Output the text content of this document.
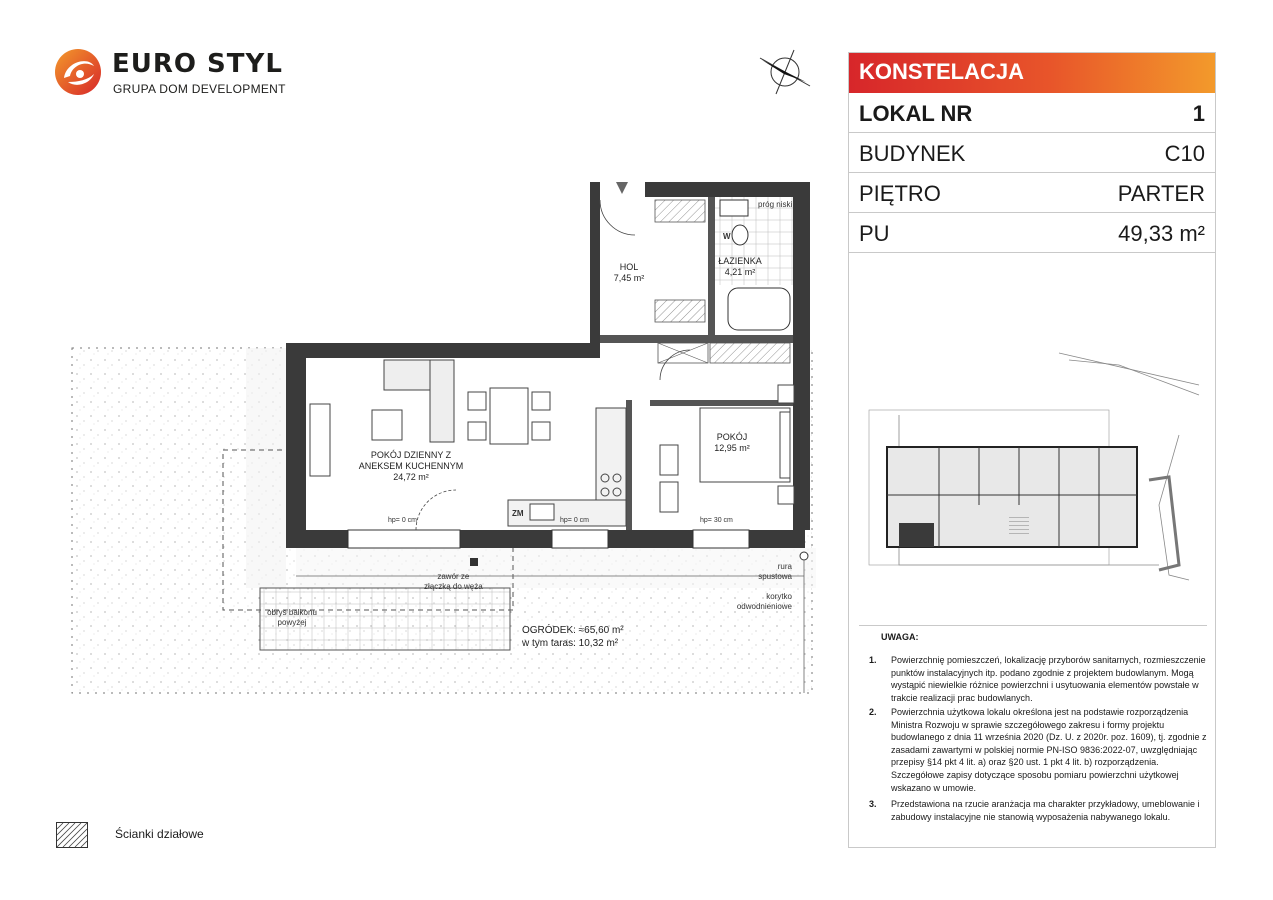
EURO STYL
GRUPA DOM DEVELOPMENT
HOL
7,45 m²
ŁAZIENKA
4,21 m²
POKÓJ
12,95 m²
POKÓJ DZIENNY Z
ANEKSEM KUCHENNYM
24,72 m²
OGRÓDEK: ≈65,60 m²
w tym taras: 10,32 m²
próg niski
W
ZM
hp= 0 cm	hp= 0 cm	hp= 30 cm
zawór ze
złączką do węża
obrys balkonu
powyżej
rura
spustowa
korytko
odwodnieniowe
KONSTELACJA
LOKAL NR	1
BUDYNEK	C10
PIĘTRO	PARTER
PU	49,33 m²
UWAGA:
1. Powierzchnię pomieszczeń, lokalizację przyborów sanitarnych, rozmieszczenie punktów instalacyjnych itp. podano zgodnie z projektem budowlanym. Mogą wystąpić niewielkie różnice powierzchni i usytuowania elementów powstałe w trakcie realizacji prac budowlanych.
2. Powierzchnia użytkowa lokalu określona jest na podstawie rozporządzenia Ministra Rozwoju w sprawie szczegółowego zakresu i formy projektu budowlanego z dnia 11 września 2020 (Dz. U. z 2020r. poz. 1609), tj. zgodnie z zasadami zawartymi w polskiej normie PN-ISO 9836:2022-07, uwzględniając przepisy §14 pkt 4 lit. a) oraz §20 ust. 1 pkt 4 lit. b) rozporządzenia. Szczegółowe zapisy dotyczące sposobu pomiaru powierzchni użytkowej wskazano w umowie.
3. Przedstawiona na rzucie aranżacja ma charakter przykładowy, umeblowanie i zabudowy instalacyjne nie stanowią wyposażenia nabywanego lokalu.
Ścianki działowe
